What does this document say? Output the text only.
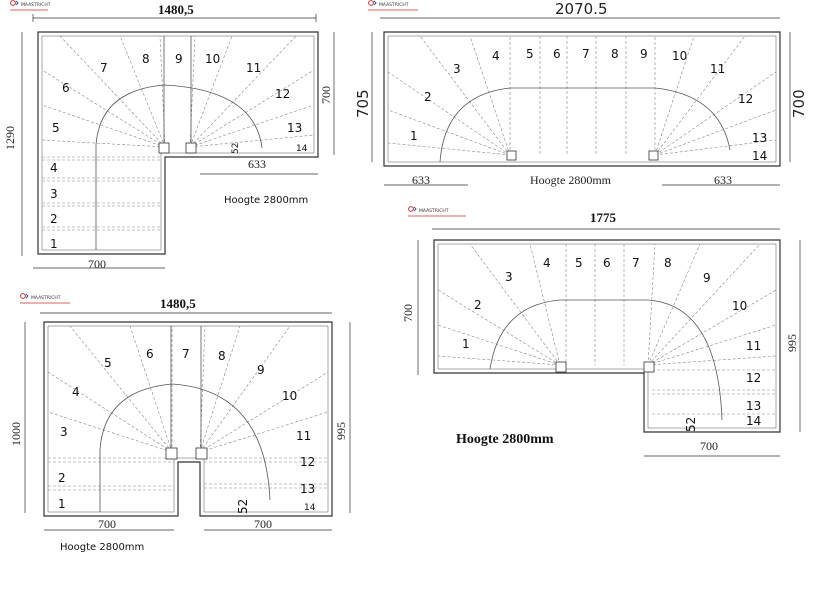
MAASTRICHT	1480,5
1290
700
1
2
3
4
5
6
7
8 9 10
11
12
13
14
52
700
633
Hoogte 2800mm
MAASTRICHT	2070.5
705	700
1
2
3
4 5 6 7 8 9 10
11
12
13
14
633	633
Hoogte 2800mm
MAASTRICHT	1480,5
1000	995
1
2
3
4
5
6 7 8
9
10
11
12
13
14
52
700	700
Hoogte 2800mm
MAASTRICHT	1775
700
995
1
2
3
4 5 6 7 8
9
10
11
12
13
14
52
700
Hoogte 2800mm
